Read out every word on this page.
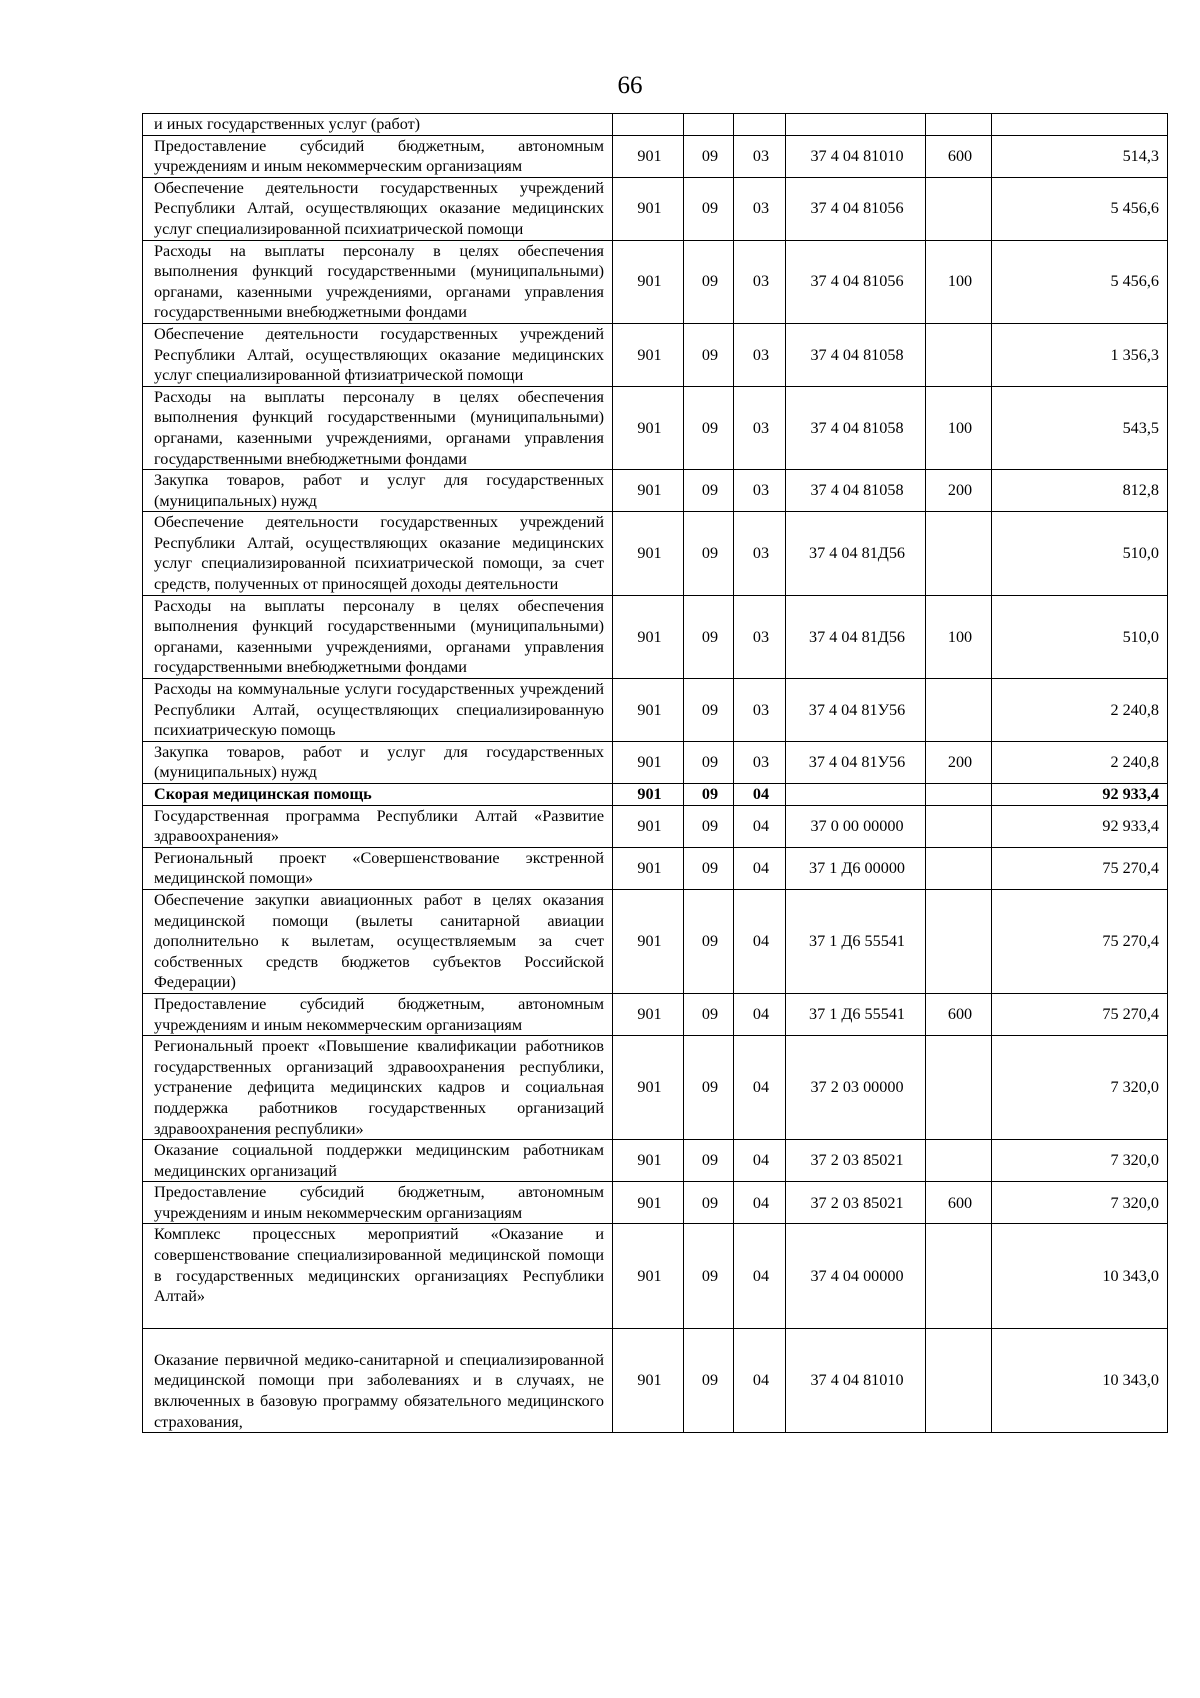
66
и иных государственных услуг (работ)						
Предоставление субсидий бюджетным, автономным учреждениям и иным некоммерческим организациям	901	09	03	37 4 04 81010	600	514,3
Обеспечение деятельности государственных учреждений Республики Алтай, осуществляющих оказание медицинских услуг специализированной психиатрической помощи	901	09	03	37 4 04 81056		5 456,6
Расходы на выплаты персоналу в целях обеспечения выполнения функций государственными (муниципальными) органами, казенными учреждениями, органами управления государственными внебюджетными фондами	901	09	03	37 4 04 81056	100	5 456,6
Обеспечение деятельности государственных учреждений Республики Алтай, осуществляющих оказание медицинских услуг специализированной фтизиатрической помощи	901	09	03	37 4 04 81058		1 356,3
Расходы на выплаты персоналу в целях обеспечения выполнения функций государственными (муниципальными) органами, казенными учреждениями, органами управления государственными внебюджетными фондами	901	09	03	37 4 04 81058	100	543,5
Закупка товаров, работ и услуг для государственных (муниципальных) нужд	901	09	03	37 4 04 81058	200	812,8
Обеспечение деятельности государственных учреждений Республики Алтай, осуществляющих оказание медицинских услуг специализированной психиатрической помощи, за счет средств, полученных от приносящей доходы деятельности	901	09	03	37 4 04 81Д56		510,0
Расходы на выплаты персоналу в целях обеспечения выполнения функций государственными (муниципальными) органами, казенными учреждениями, органами управления государственными внебюджетными фондами	901	09	03	37 4 04 81Д56	100	510,0
Расходы на коммунальные услуги государственных учреждений Республики Алтай, осуществляющих специализированную психиатрическую помощь	901	09	03	37 4 04 81У56		2 240,8
Закупка товаров, работ и услуг для государственных (муниципальных) нужд	901	09	03	37 4 04 81У56	200	2 240,8
Скорая медицинская помощь	901	09	04			92 933,4
Государственная программа Республики Алтай «Развитие здравоохранения»	901	09	04	37 0 00 00000		92 933,4
Региональный проект «Совершенствование экстренной медицинской помощи»	901	09	04	37 1 Д6 00000		75 270,4
Обеспечение закупки авиационных работ в целях оказания медицинской помощи (вылеты санитарной авиации дополнительно к вылетам, осуществляемым за счет собственных средств бюджетов субъектов Российской Федерации)	901	09	04	37 1 Д6 55541		75 270,4
Предоставление субсидий бюджетным, автономным учреждениям и иным некоммерческим организациям	901	09	04	37 1 Д6 55541	600	75 270,4
Региональный проект «Повышение квалификации работников государственных организаций здравоохранения республики, устранение дефицита медицинских кадров и социальная поддержка работников государственных организаций здравоохранения республики»	901	09	04	37 2 03 00000		7 320,0
Оказание социальной поддержки медицинским работникам медицинских организаций	901	09	04	37 2 03 85021		7 320,0
Предоставление субсидий бюджетным, автономным учреждениям и иным некоммерческим организациям	901	09	04	37 2 03 85021	600	7 320,0
Комплекс процессных мероприятий «Оказание и совершенствование специализированной медицинской помощи в государственных медицинских организациях Республики Алтай»	901	09	04	37 4 04 00000		10 343,0
Оказание первичной медико-санитарной и специализированной медицинской помощи при заболеваниях и в случаях, не включенных в базовую программу обязательного медицинского страхования,	901	09	04	37 4 04 81010		10 343,0
